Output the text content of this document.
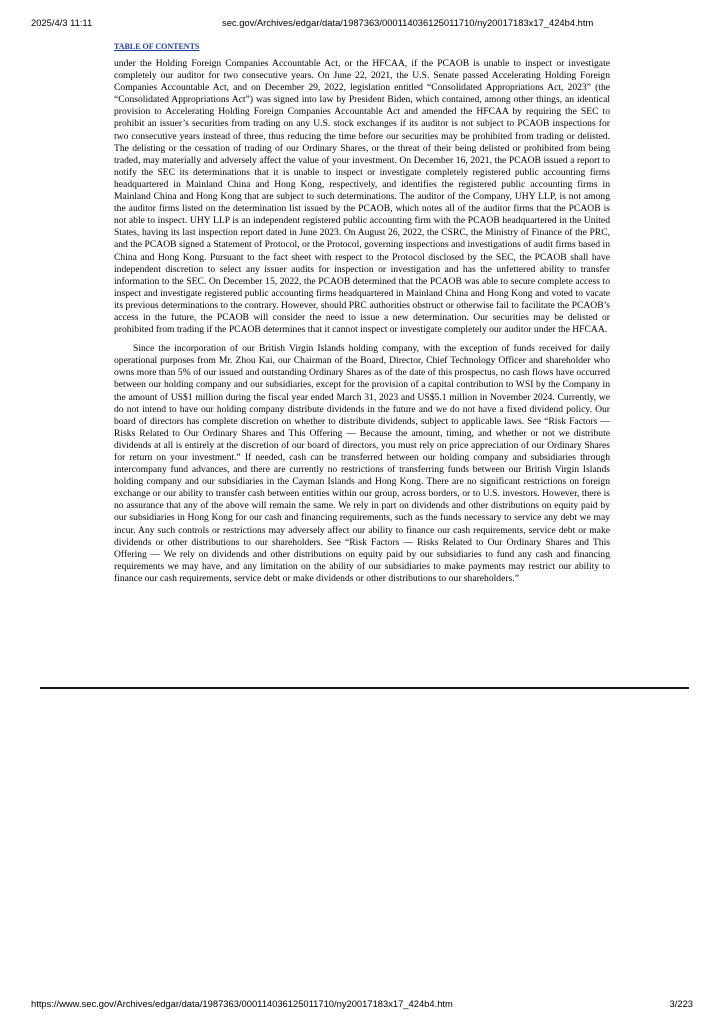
2025/4/3 11:11	sec.gov/Archives/edgar/data/1987363/000114036125011710/ny20017183x17_424b4.htm
TABLE OF CONTENTS

under the Holding Foreign Companies Accountable Act, or the HFCAA, if the PCAOB is unable to inspect or investigate completely our auditor for two consecutive years. On June 22, 2021, the U.S. Senate passed Accelerating Holding Foreign Companies Accountable Act, and on December 29, 2022, legislation entitled “Consolidated Appropriations Act, 2023” (the “Consolidated Appropriations Act”) was signed into law by President Biden, which contained, among other things, an identical provision to Accelerating Holding Foreign Companies Accountable Act and amended the HFCAA by requiring the SEC to prohibit an issuer’s securities from trading on any U.S. stock exchanges if its auditor is not subject to PCAOB inspections for two consecutive years instead of three, thus reducing the time before our securities may be prohibited from trading or delisted. The delisting or the cessation of trading of our Ordinary Shares, or the threat of their being delisted or prohibited from being traded, may materially and adversely affect the value of your investment. On December 16, 2021, the PCAOB issued a report to notify the SEC its determinations that it is unable to inspect or investigate completely registered public accounting firms headquartered in Mainland China and Hong Kong, respectively, and identifies the registered public accounting firms in Mainland China and Hong Kong that are subject to such determinations. The auditor of the Company, UHY LLP, is not among the auditor firms listed on the determination list issued by the PCAOB, which notes all of the auditor firms that the PCAOB is not able to inspect. UHY LLP is an independent registered public accounting firm with the PCAOB headquartered in the United States, having its last inspection report dated in June 2023. On August 26, 2022, the CSRC, the Ministry of Finance of the PRC, and the PCAOB signed a Statement of Protocol, or the Protocol, governing inspections and investigations of audit firms based in China and Hong Kong. Pursuant to the fact sheet with respect to the Protocol disclosed by the SEC, the PCAOB shall have independent discretion to select any issuer audits for inspection or investigation and has the unfettered ability to transfer information to the SEC. On December 15, 2022, the PCAOB determined that the PCAOB was able to secure complete access to inspect and investigate registered public accounting firms headquartered in Mainland China and Hong Kong and voted to vacate its previous determinations to the contrary. However, should PRC authorities obstruct or otherwise fail to facilitate the PCAOB’s access in the future, the PCAOB will consider the need to issue a new determination. Our securities may be delisted or prohibited from trading if the PCAOB determines that it cannot inspect or investigate completely our auditor under the HFCAA.

Since the incorporation of our British Virgin Islands holding company, with the exception of funds received for daily operational purposes from Mr. Zhou Kai, our Chairman of the Board, Director, Chief Technology Officer and shareholder who owns more than 5% of our issued and outstanding Ordinary Shares as of the date of this prospectus, no cash flows have occurred between our holding company and our subsidiaries, except for the provision of a capital contribution to WSI by the Company in the amount of US$1 million during the fiscal year ended March 31, 2023 and US$5.1 million in November 2024. Currently, we do not intend to have our holding company distribute dividends in the future and we do not have a fixed dividend policy. Our board of directors has complete discretion on whether to distribute dividends, subject to applicable laws. See “Risk Factors — Risks Related to Our Ordinary Shares and This Offering — Because the amount, timing, and whether or not we distribute dividends at all is entirely at the discretion of our board of directors, you must rely on price appreciation of our Ordinary Shares for return on your investment.” If needed, cash can be transferred between our holding company and subsidiaries through intercompany fund advances, and there are currently no restrictions of transferring funds between our British Virgin Islands holding company and our subsidiaries in the Cayman Islands and Hong Kong. There are no significant restrictions on foreign exchange or our ability to transfer cash between entities within our group, across borders, or to U.S. investors. However, there is no assurance that any of the above will remain the same. We rely in part on dividends and other distributions on equity paid by our subsidiaries in Hong Kong for our cash and financing requirements, such as the funds necessary to service any debt we may incur. Any such controls or restrictions may adversely affect our ability to finance our cash requirements, service debt or make dividends or other distributions to our shareholders. See “Risk Factors — Risks Related to Our Ordinary Shares and This Offering — We rely on dividends and other distributions on equity paid by our subsidiaries to fund any cash and financing requirements we may have, and any limitation on the ability of our subsidiaries to make payments may restrict our ability to finance our cash requirements, service debt or make dividends or other distributions to our shareholders.”

https://www.sec.gov/Archives/edgar/data/1987363/000114036125011710/ny20017183x17_424b4.htm	3/223
